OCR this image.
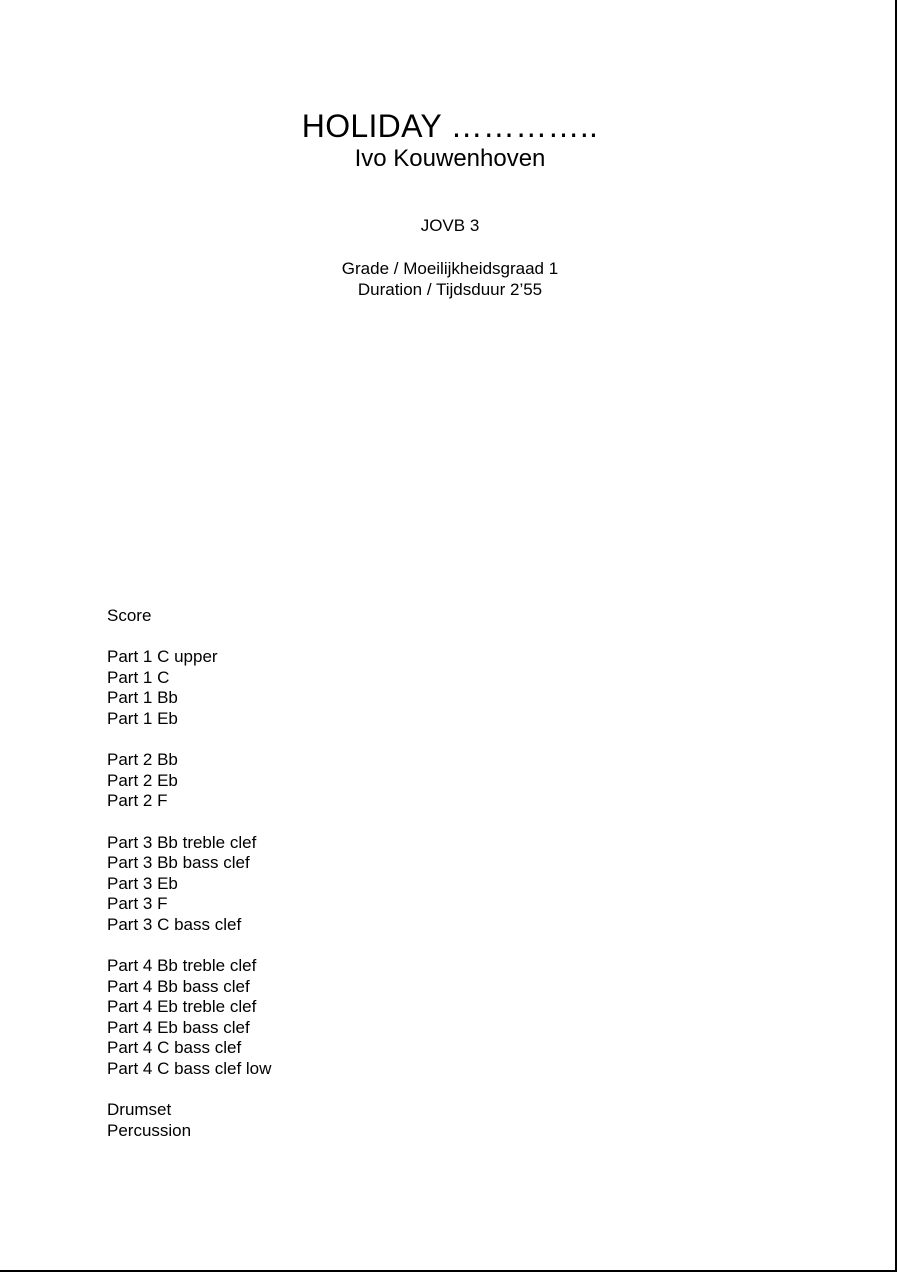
HOLIDAY …………..
Ivo Kouwenhoven
JOVB 3
Grade / Moeilijkheidsgraad 1
Duration / Tijdsduur 2’55
Score
Part 1 C upper
Part 1 C
Part 1 Bb
Part 1 Eb
Part 2 Bb
Part 2 Eb
Part 2 F
Part 3 Bb treble clef
Part 3 Bb bass clef
Part 3 Eb
Part 3 F
Part 3 C bass clef
Part 4 Bb treble clef
Part 4 Bb bass clef
Part 4 Eb treble clef
Part 4 Eb bass clef
Part 4 C bass clef
Part 4 C bass clef low
Drumset
Percussion
